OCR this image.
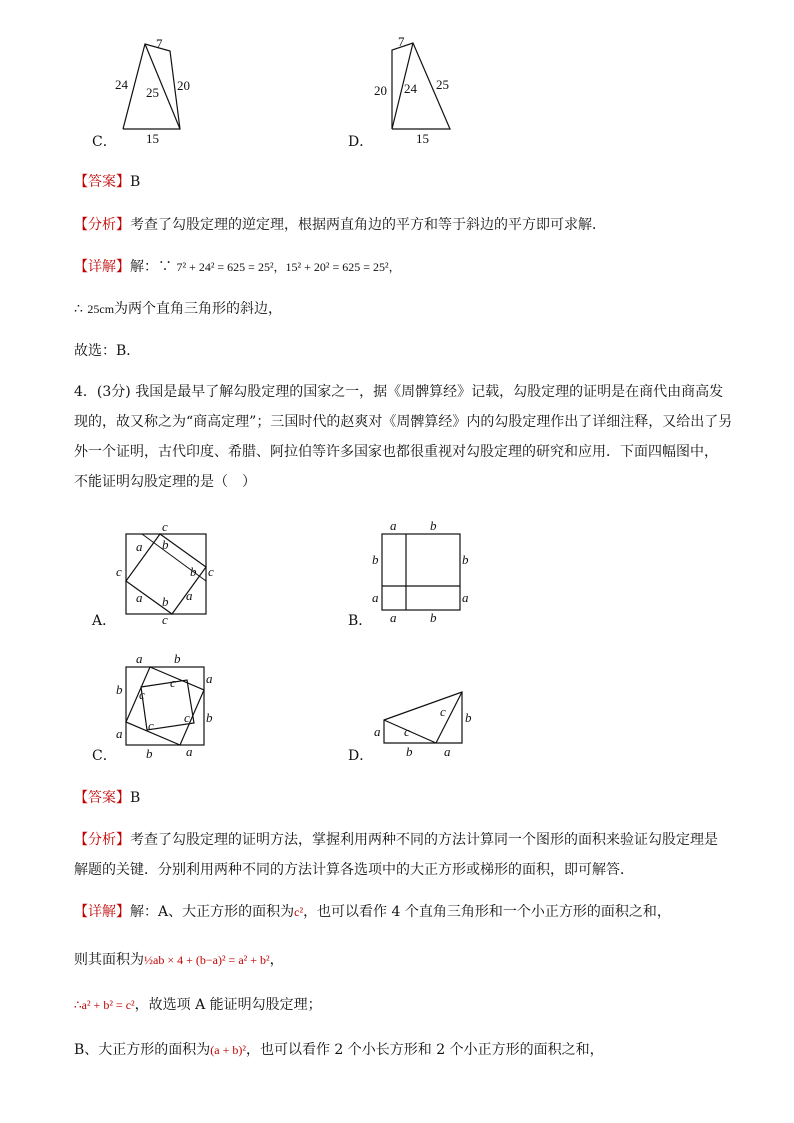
C．
7
24
25 20
15	D．
7
20 24 25
15
【答案】B
【分析】考查了勾股定理的逆定理，根据两直角边的平方和等于斜边的平方即可求解．
【详解】解：∵ 7² + 24² = 625 = 25²，15² + 20² = 625 = 25²，
∴ 25cm为两个直角三角形的斜边，
故选：B．
4．(3分) 我国是最早了解勾股定理的国家之一，据《周髀算经》记载，勾股定理的证明是在商代由商高发
现的，故又称之为“商高定理”；三国时代的赵爽对《周髀算经》内的勾股定理作出了详细注释，又给出了另
外一个证明，古代印度、希腊、阿拉伯等许多国家也都很重视对勾股定理的研究和应用．下面四幅图中，
不能证明勾股定理的是（　）
A．
c
a b
c	b c
a b a
c	B．
a	b
b	b
a	a
a	b
C．
a b
b c
c a
b
c
c
a
b	a	D．
a c
c b
b a
【答案】B
【分析】考查了勾股定理的证明方法，掌握利用两种不同的方法计算同一个图形的面积来验证勾股定理是
解题的关键．分别利用两种不同的方法计算各选项中的大正方形或梯形的面积，即可解答．
【详解】解：A、大正方形的面积为c²，也可以看作 4 个直角三角形和一个小正方形的面积之和，
则其面积为½ab × 4 + (b−a)² = a² + b²，
∴a² + b² = c²，故选项 A 能证明勾股定理；
B、大正方形的面积为(a + b)²，也可以看作 2 个小长方形和 2 个小正方形的面积之和，
